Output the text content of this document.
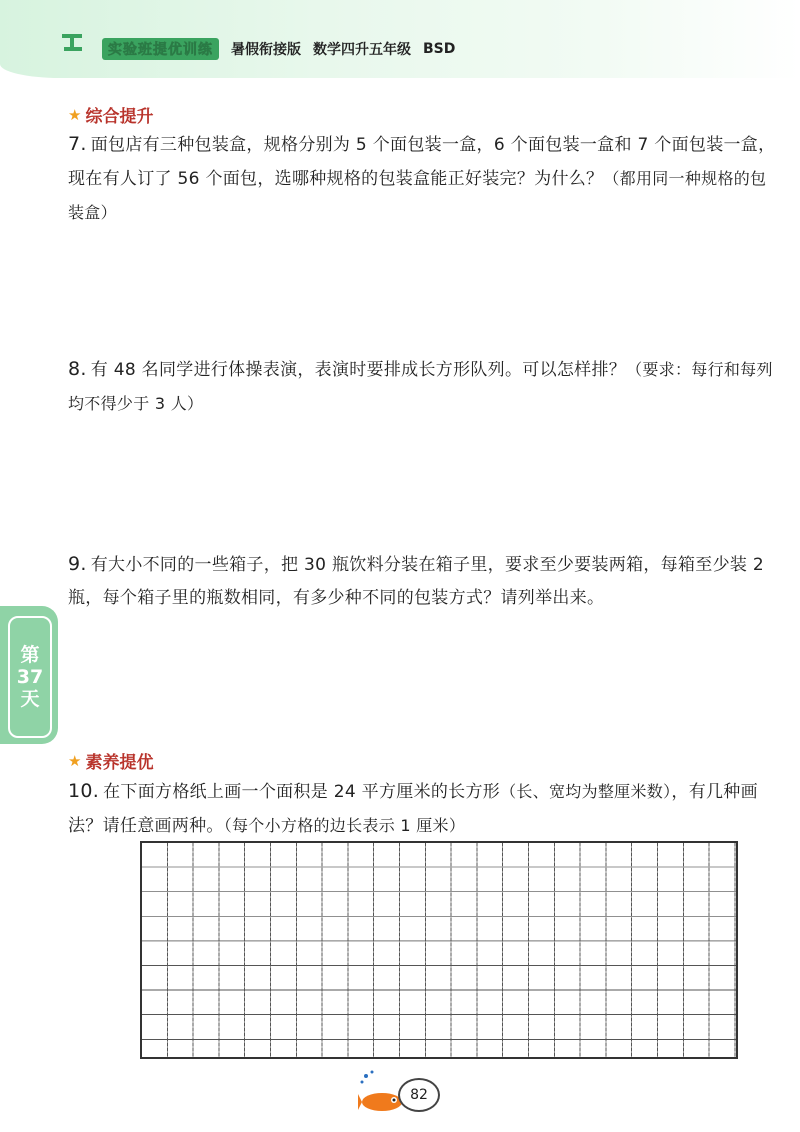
实验班提优训练	暑假衔接版 数学四升五年级 BSD
★ 综合提升
7. 面包店有三种包装盒，规格分别为 5 个面包装一盒，6 个面包装一盒和 7 个面包装一盒，现在有人订了 56 个面包，选哪种规格的包装盒能正好装完？为什么？（都用同一种规格的包装盒）
8. 有 48 名同学进行体操表演，表演时要排成长方形队列。可以怎样排？（要求：每行和每列均不得少于 3 人）
9. 有大小不同的一些箱子，把 30 瓶饮料分装在箱子里，要求至少要装两箱，每箱至少装 2 瓶，每个箱子里的瓶数相同，有多少种不同的包装方式？请列举出来。
第
37
天
★ 素养提优
10. 在下面方格纸上画一个面积是 24 平方厘米的长方形（长、宽均为整厘米数），有几种画法？请任意画两种。（每个小方格的边长表示 1 厘米）
82
